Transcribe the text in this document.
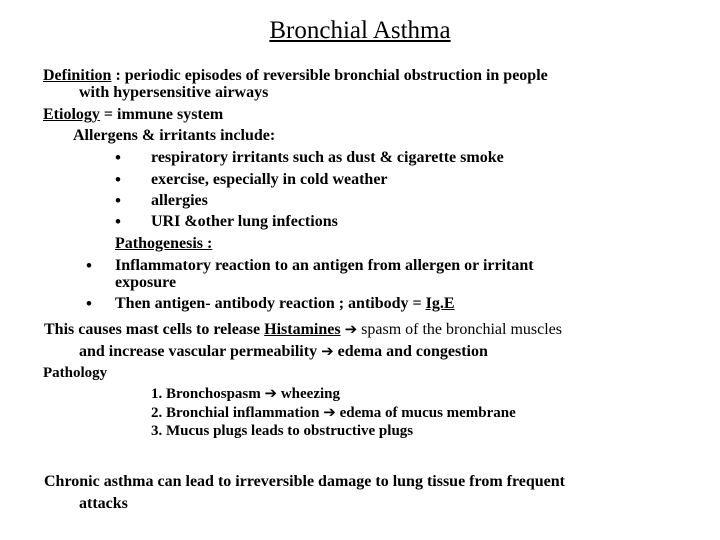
Bronchial Asthma
Definition : periodic episodes of reversible bronchial obstruction in people
with hypersensitive airways
Etiology = immune system
Allergens & irritants include:
• respiratory irritants such as dust & cigarette smoke
• exercise, especially in cold weather
• allergies
• URI &other lung infections
Pathogenesis :
• Inflammatory reaction to an antigen from allergen or irritant
exposure
• Then antigen- antibody reaction ; antibody = Ig.E
This causes mast cells to release Histamines ➔ spasm of the bronchial muscles
and increase vascular permeability ➔ edema and congestion
Pathology
1. Bronchospasm ➔ wheezing
2. Bronchial inflammation ➔ edema of mucus membrane
3. Mucus plugs leads to obstructive plugs
Chronic asthma can lead to irreversible damage to lung tissue from frequent
attacks
